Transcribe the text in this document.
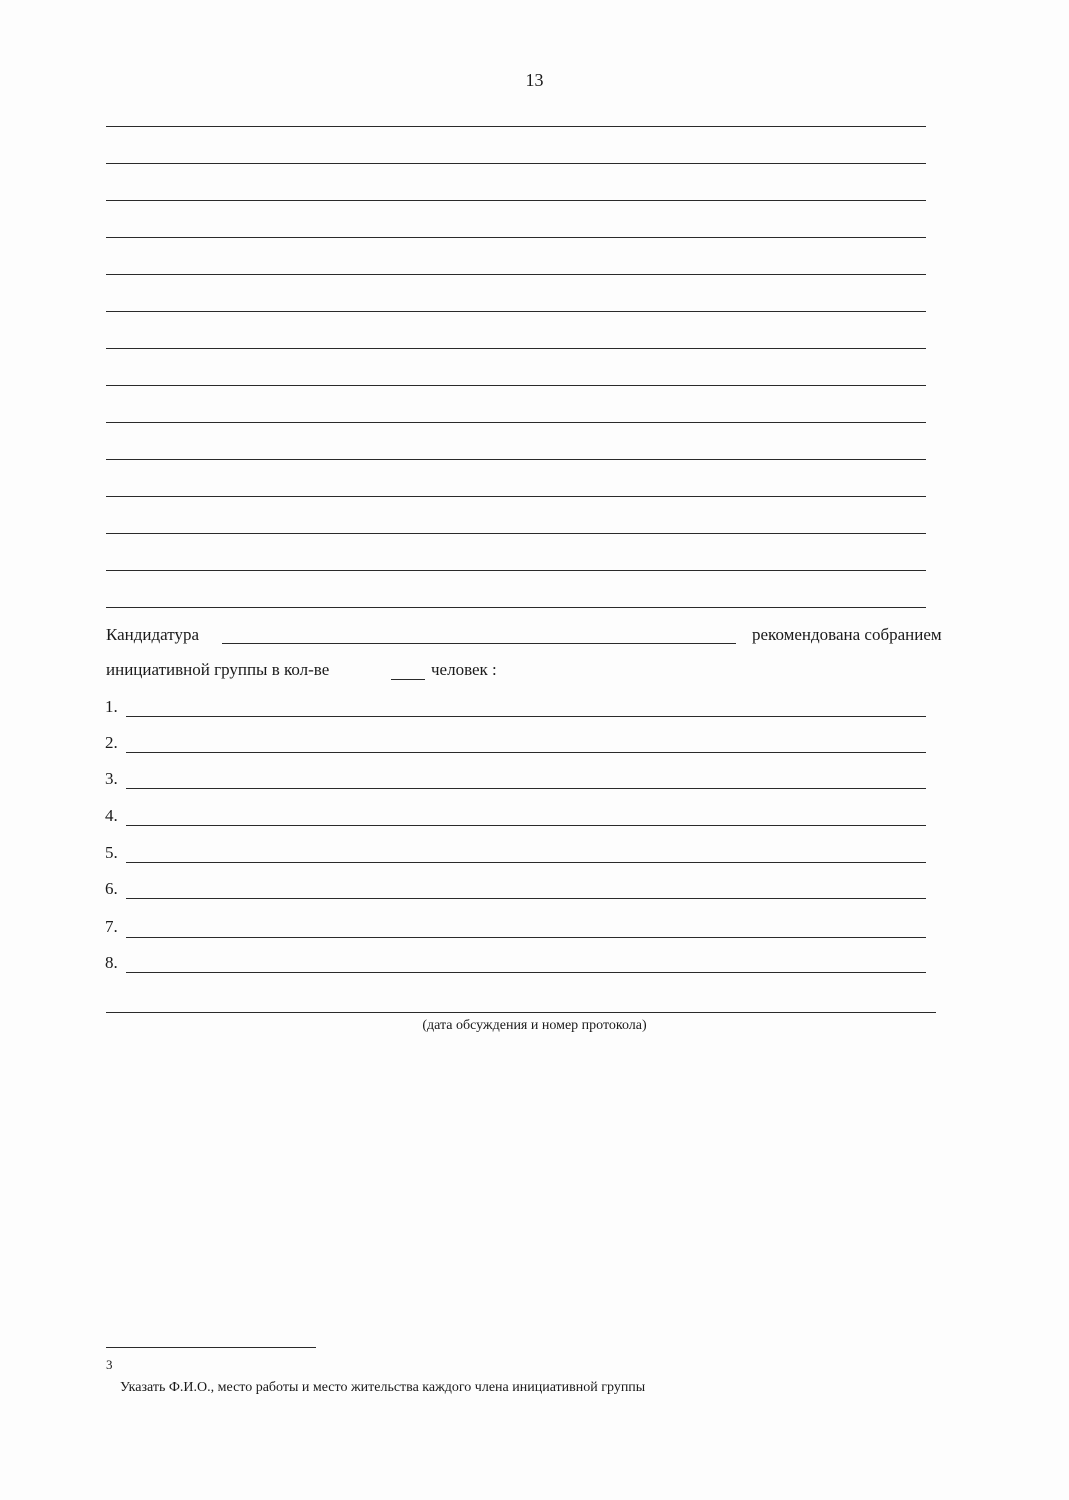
13
Кандидатура	рекомендована собранием
инициативной группы в кол-ве	человек :
1.
2.
3.
4.
5.
6.
7.
8.
(дата обсуждения и номер протокола)
3
Указать Ф.И.О., место работы и место жительства каждого члена инициативной группы
